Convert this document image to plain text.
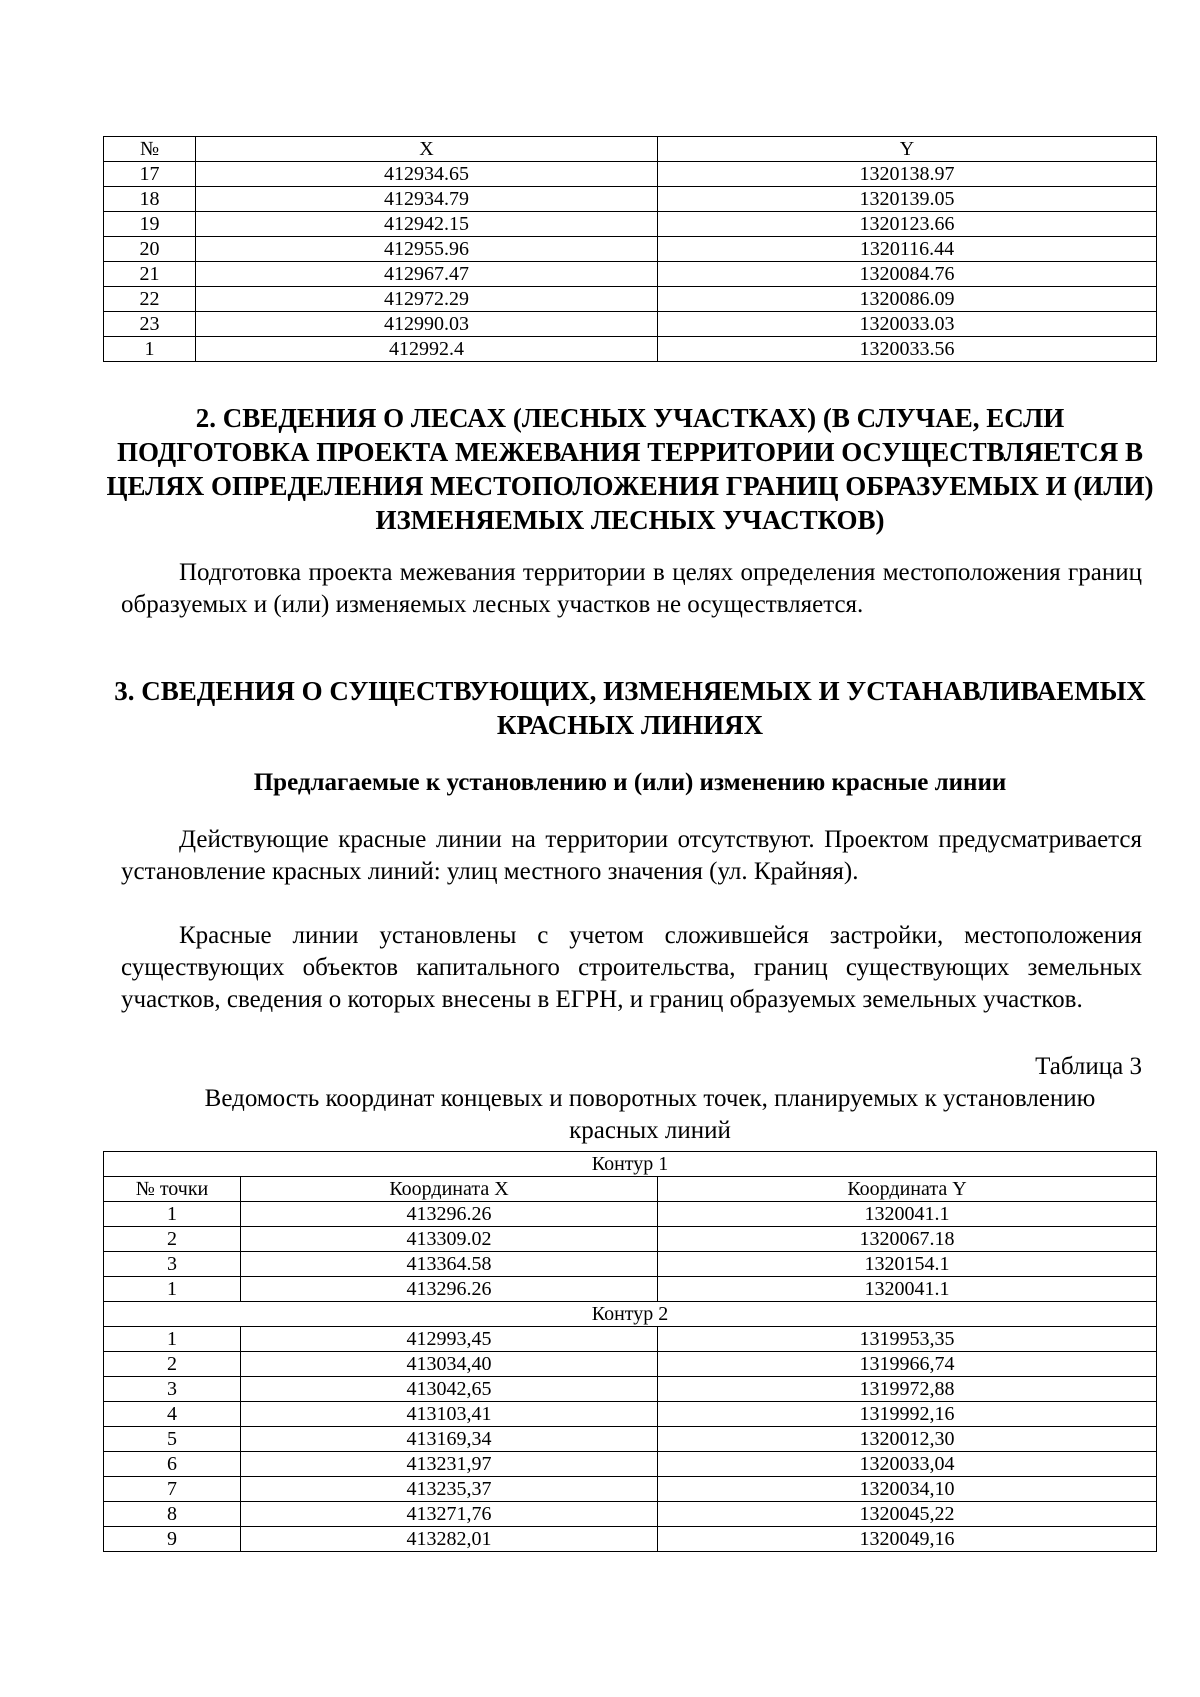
№	X	Y
17	412934.65	1320138.97
18	412934.79	1320139.05
19	412942.15	1320123.66
20	412955.96	1320116.44
21	412967.47	1320084.76
22	412972.29	1320086.09
23	412990.03	1320033.03
1	412992.4	1320033.56
2. СВЕДЕНИЯ О ЛЕСАХ (ЛЕСНЫХ УЧАСТКАХ) (В СЛУЧАЕ, ЕСЛИ ПОДГОТОВКА ПРОЕКТА МЕЖЕВАНИЯ ТЕРРИТОРИИ ОСУЩЕСТВЛЯЕТСЯ В ЦЕЛЯХ ОПРЕДЕЛЕНИЯ МЕСТОПОЛОЖЕНИЯ ГРАНИЦ ОБРАЗУЕМЫХ И (ИЛИ) ИЗМЕНЯЕМЫХ ЛЕСНЫХ УЧАСТКОВ)

Подготовка проекта межевания территории в целях определения местоположения границ образуемых и (или) изменяемых лесных участков не осуществляется.

3. СВЕДЕНИЯ О СУЩЕСТВУЮЩИХ, ИЗМЕНЯЕМЫХ И УСТАНАВЛИВАЕМЫХ КРАСНЫХ ЛИНИЯХ
Предлагаемые к установлению и (или) изменению красные линии

Действующие красные линии на территории отсутствуют. Проектом предусматривается установление красных линий: улиц местного значения (ул. Крайняя).

Красные линии установлены с учетом сложившейся застройки, местоположения существующих объектов капитального строительства, границ существующих земельных участков, сведения о которых внесены в ЕГРН, и границ образуемых земельных участков.

Таблица 3

Ведомость координат концевых и поворотных точек, планируемых к установлению красных линий

Контур 1		
№ точки	Координата X	Координата Y
1	413296.26	1320041.1
2	413309.02	1320067.18
3	413364.58	1320154.1
1	413296.26	1320041.1
Контур 2		
1	412993,45	1319953,35
2	413034,40	1319966,74
3	413042,65	1319972,88
4	413103,41	1319992,16
5	413169,34	1320012,30
6	413231,97	1320033,04
7	413235,37	1320034,10
8	413271,76	1320045,22
9	413282,01	1320049,16
